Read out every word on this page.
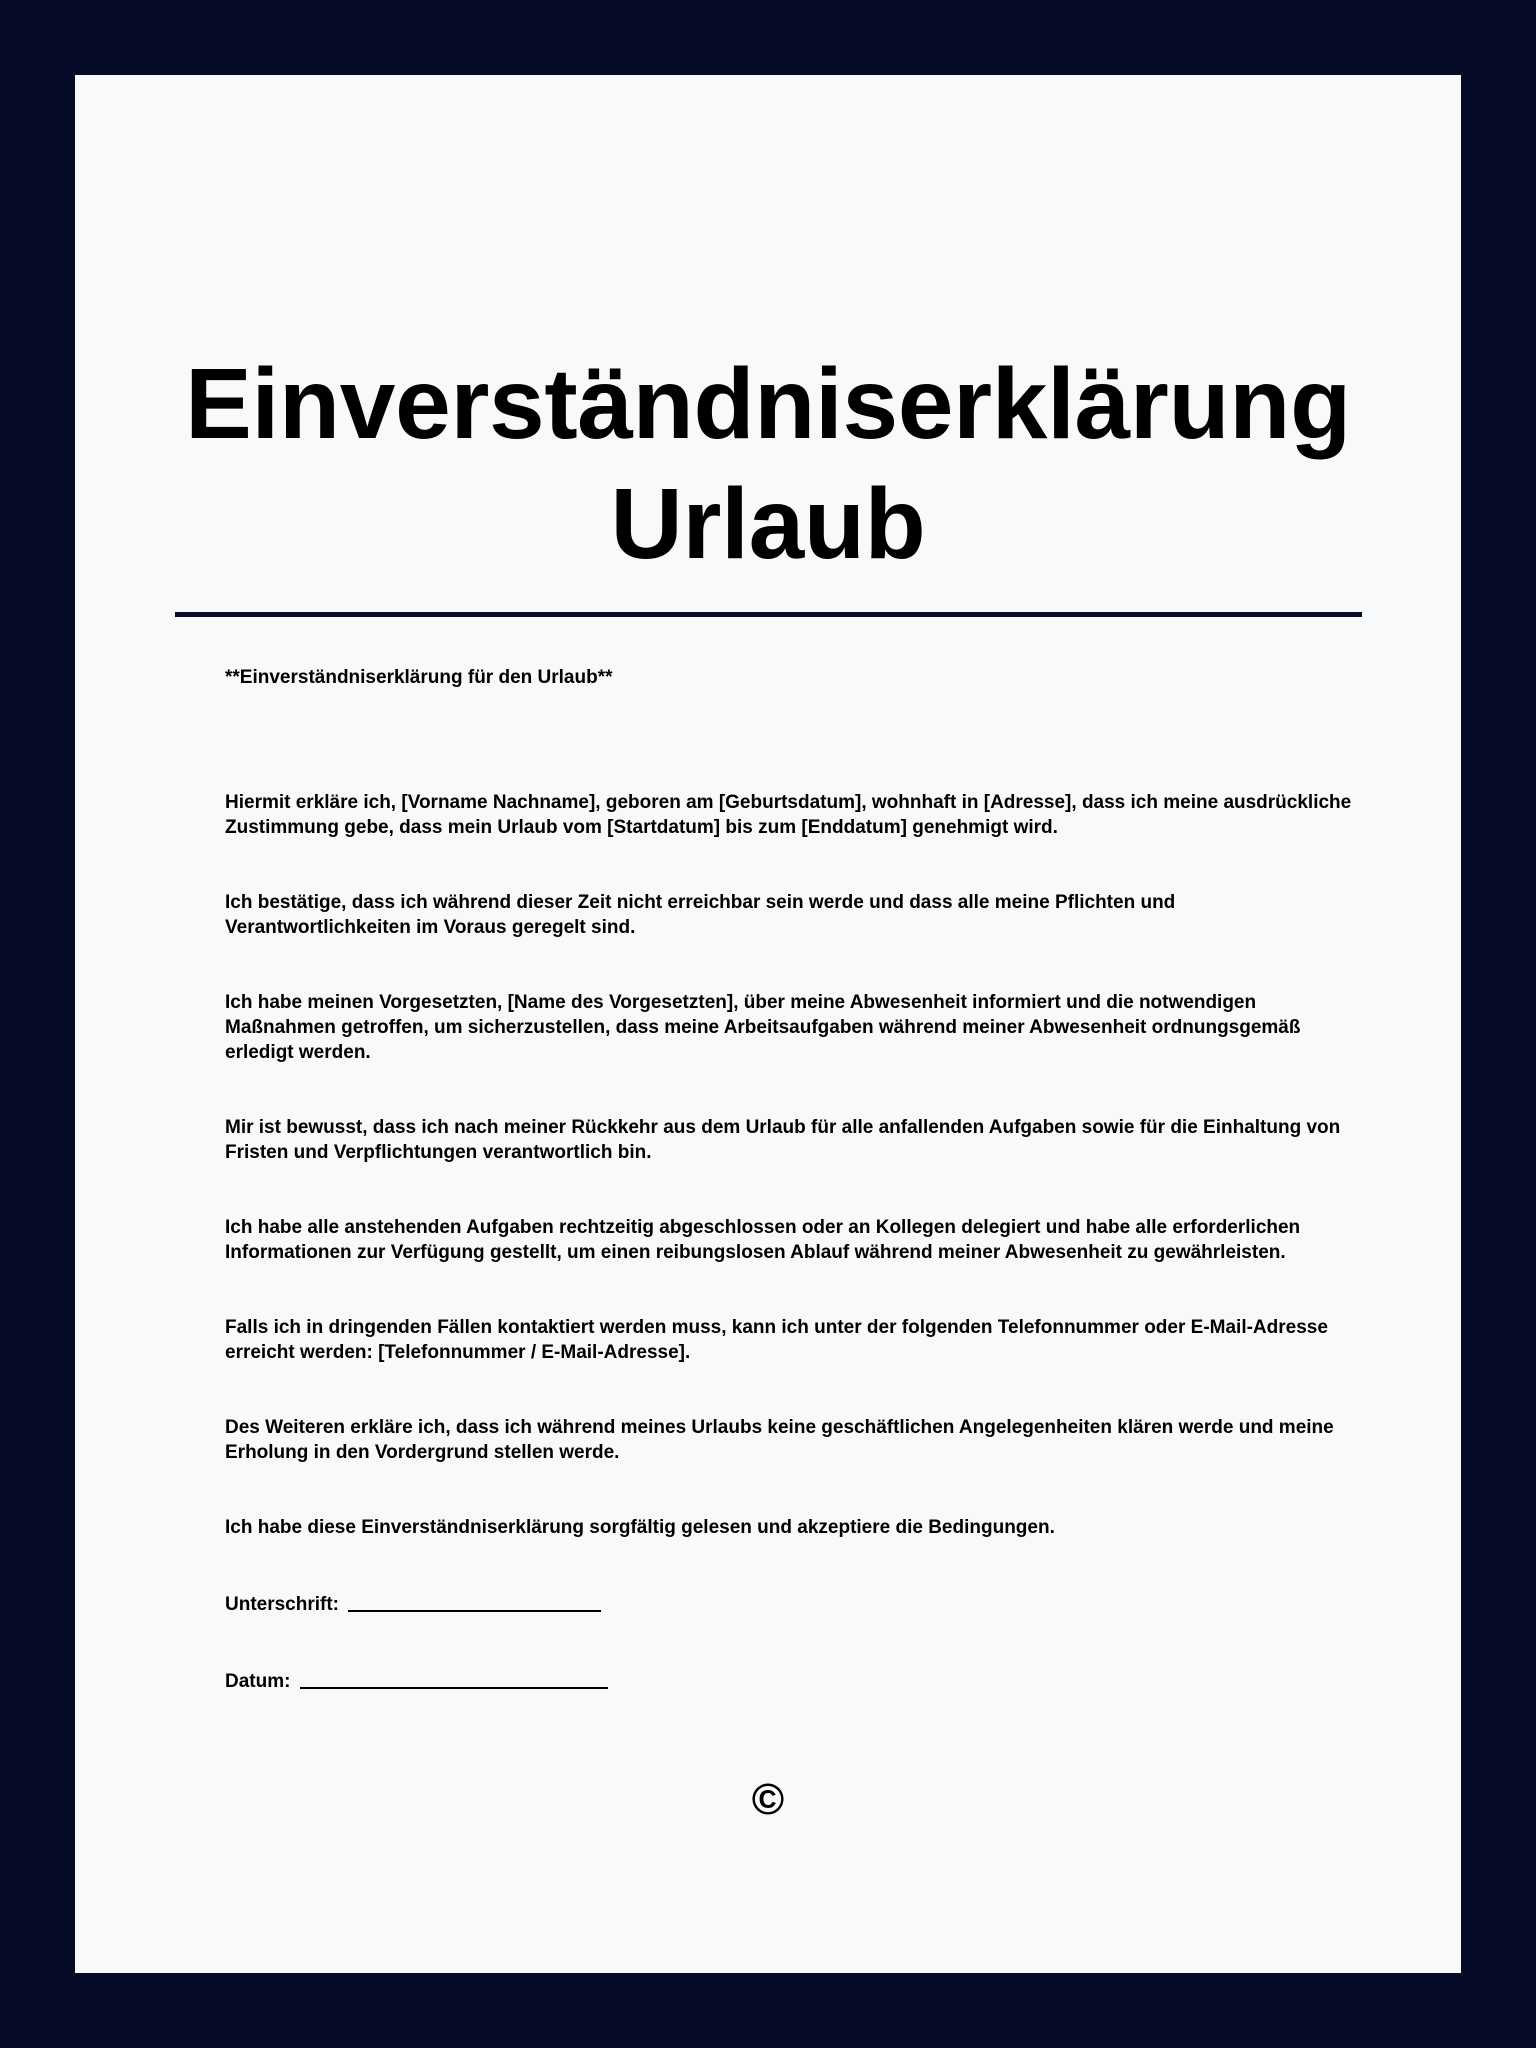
Einverständniserklärung
Urlaub

**Einverständniserklärung für den Urlaub**

Hiermit erkläre ich, [Vorname Nachname], geboren am [Geburtsdatum], wohnhaft in [Adresse], dass ich meine ausdrückliche Zustimmung gebe, dass mein Urlaub vom [Startdatum] bis zum [Enddatum] genehmigt wird.

Ich bestätige, dass ich während dieser Zeit nicht erreichbar sein werde und dass alle meine Pflichten und Verantwortlichkeiten im Voraus geregelt sind.

Ich habe meinen Vorgesetzten, [Name des Vorgesetzten], über meine Abwesenheit informiert und die notwendigen Maßnahmen getroffen, um sicherzustellen, dass meine Arbeitsaufgaben während meiner Abwesenheit ordnungsgemäß erledigt werden.

Mir ist bewusst, dass ich nach meiner Rückkehr aus dem Urlaub für alle anfallenden Aufgaben sowie für die Einhaltung von Fristen und Verpflichtungen verantwortlich bin.

Ich habe alle anstehenden Aufgaben rechtzeitig abgeschlossen oder an Kollegen delegiert und habe alle erforderlichen Informationen zur Verfügung gestellt, um einen reibungslosen Ablauf während meiner Abwesenheit zu gewährleisten.

Falls ich in dringenden Fällen kontaktiert werden muss, kann ich unter der folgenden Telefonnummer oder E-Mail-Adresse erreicht werden: [Telefonnummer / E-Mail-Adresse].

Des Weiteren erkläre ich, dass ich während meines Urlaubs keine geschäftlichen Angelegenheiten klären werde und meine Erholung in den Vordergrund stellen werde.

Ich habe diese Einverständniserklärung sorgfältig gelesen und akzeptiere die Bedingungen.

Unterschrift:
Datum:
©
